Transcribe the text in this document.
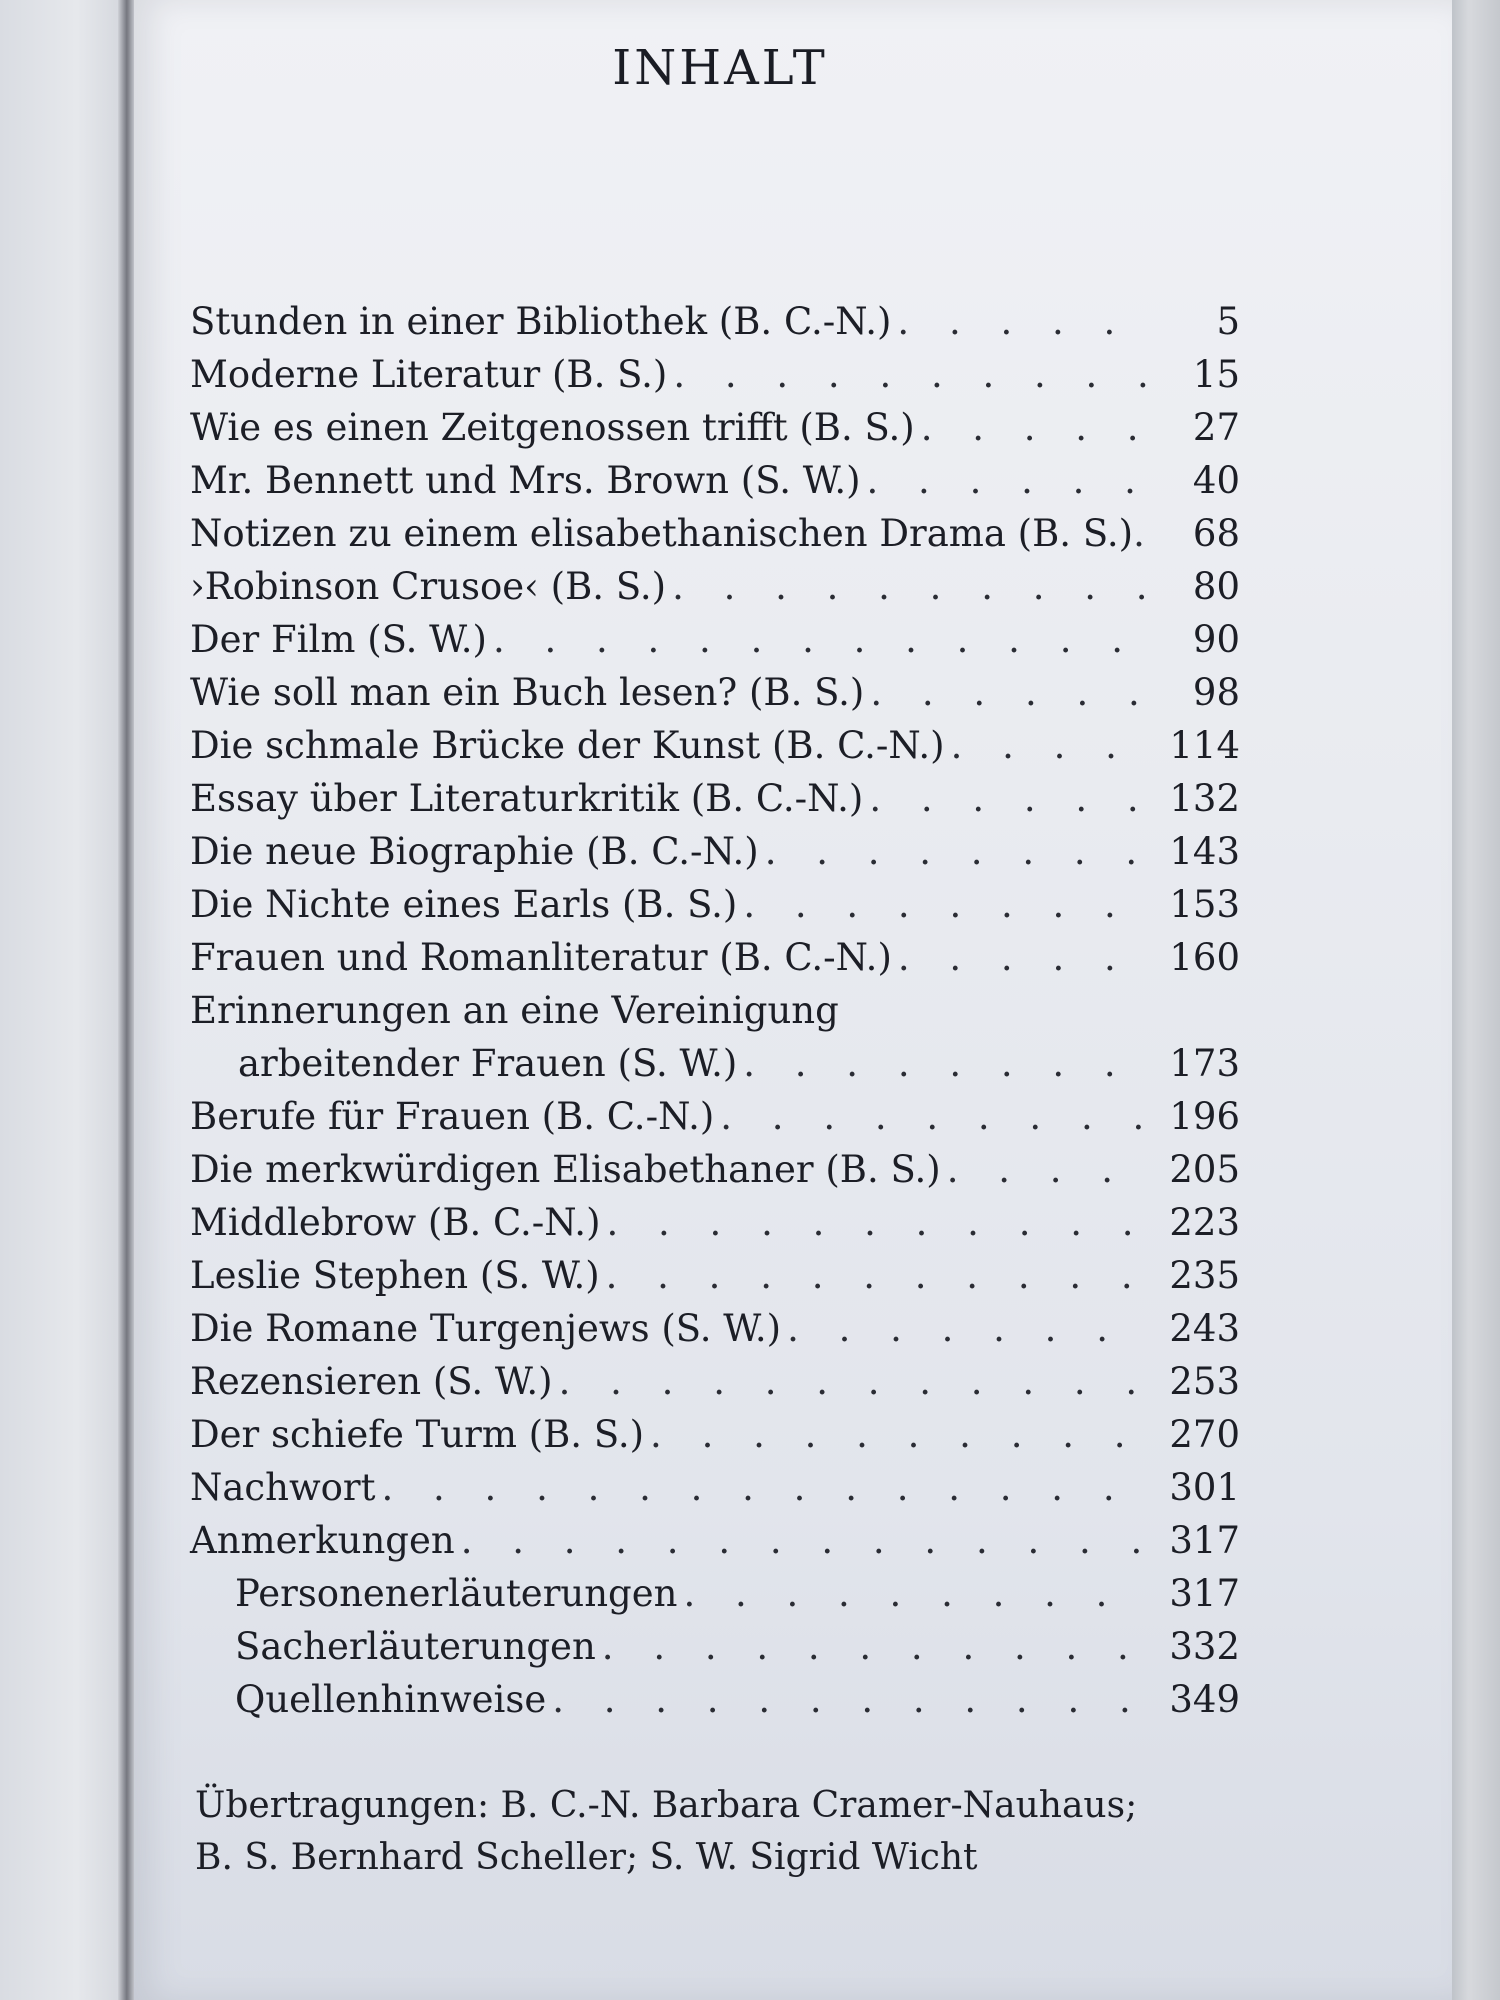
INHALT
Stunden in einer Bibliothek (B. C.-N.) . . .	5
Moderne Literatur (B. S.) . . .	15
Wie es einen Zeitgenossen trifft (B. S.) . . .	27
Mr. Bennett und Mrs. Brown (S. W.) . . .	40
Notizen zu einem elisabethanischen Drama (B. S.) . . .	68
›Robinson Crusoe‹ (B. S.) . . .	80
Der Film (S. W.) . . .	90
Wie soll man ein Buch lesen? (B. S.) . . .	98
Die schmale Brücke der Kunst (B. C.-N.) . . .	114
Essay über Literaturkritik (B. C.-N.) . . .	132
Die neue Biographie (B. C.-N.) . . .	143
Die Nichte eines Earls (B. S.) . . .	153
Frauen und Romanliteratur (B. C.-N.) . . .	160
Erinnerungen an eine Vereinigung
arbeitender Frauen (S. W.) . . .	173
Berufe für Frauen (B. C.-N.) . . .	196
Die merkwürdigen Elisabethaner (B. S.) . . .	205
Middlebrow (B. C.-N.) . . .	223
Leslie Stephen (S. W.) . . .	235
Die Romane Turgenjews (S. W.) . . .	243
Rezensieren (S. W.) . . .	253
Der schiefe Turm (B. S.) . . .	270
Nachwort . . .	301
Anmerkungen . . .	317
Personenerläuterungen . . .	317
Sacherläuterungen . . .	332
Quellenhinweise . . .	349
Übertragungen: B. C.-N. Barbara Cramer-Nauhaus;
B. S. Bernhard Scheller; S. W. Sigrid Wicht
